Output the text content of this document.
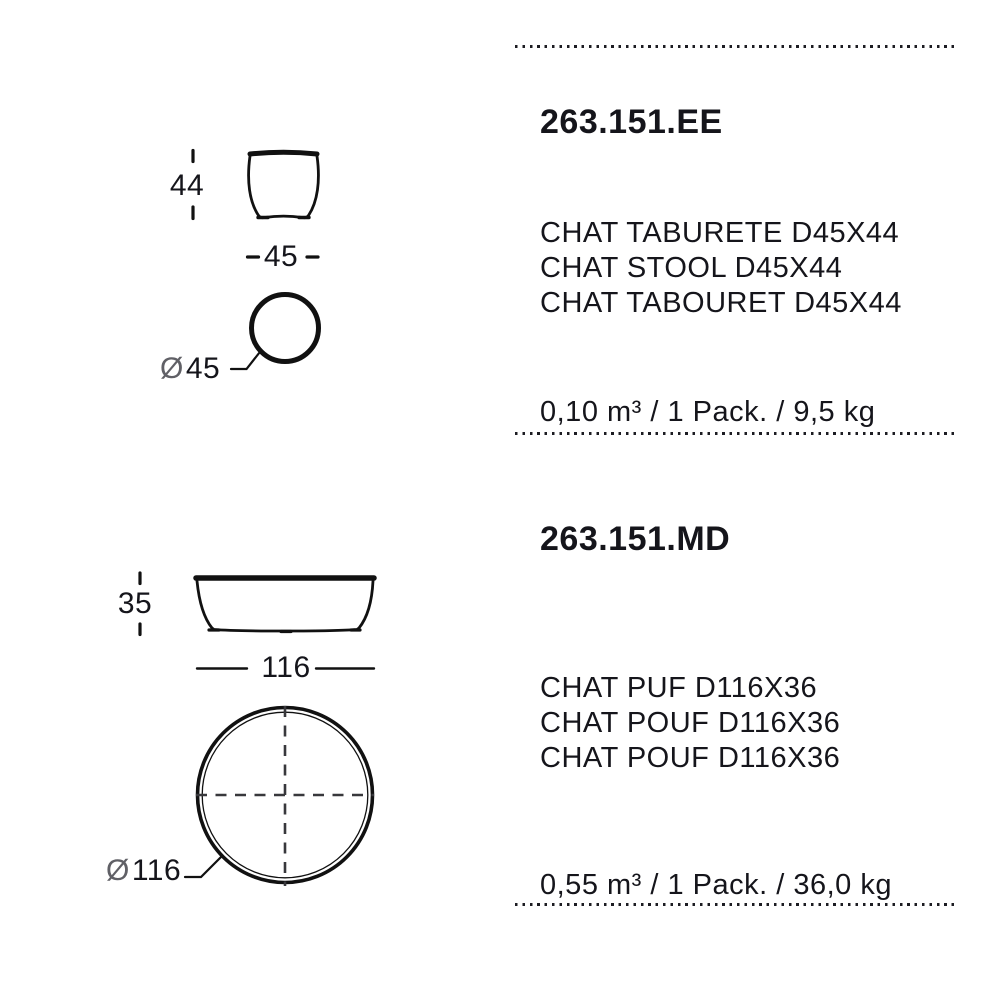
44
45
Ø 45
35
116
Ø 116
263.151.EE
CHAT TABURETE D45X44
CHAT STOOL D45X44
CHAT TABOURET D45X44
0,10 m³ / 1 Pack. / 9,5 kg
263.151.MD
CHAT PUF D116X36
CHAT POUF D116X36
CHAT POUF D116X36
0,55 m³ / 1 Pack. / 36,0 kg
